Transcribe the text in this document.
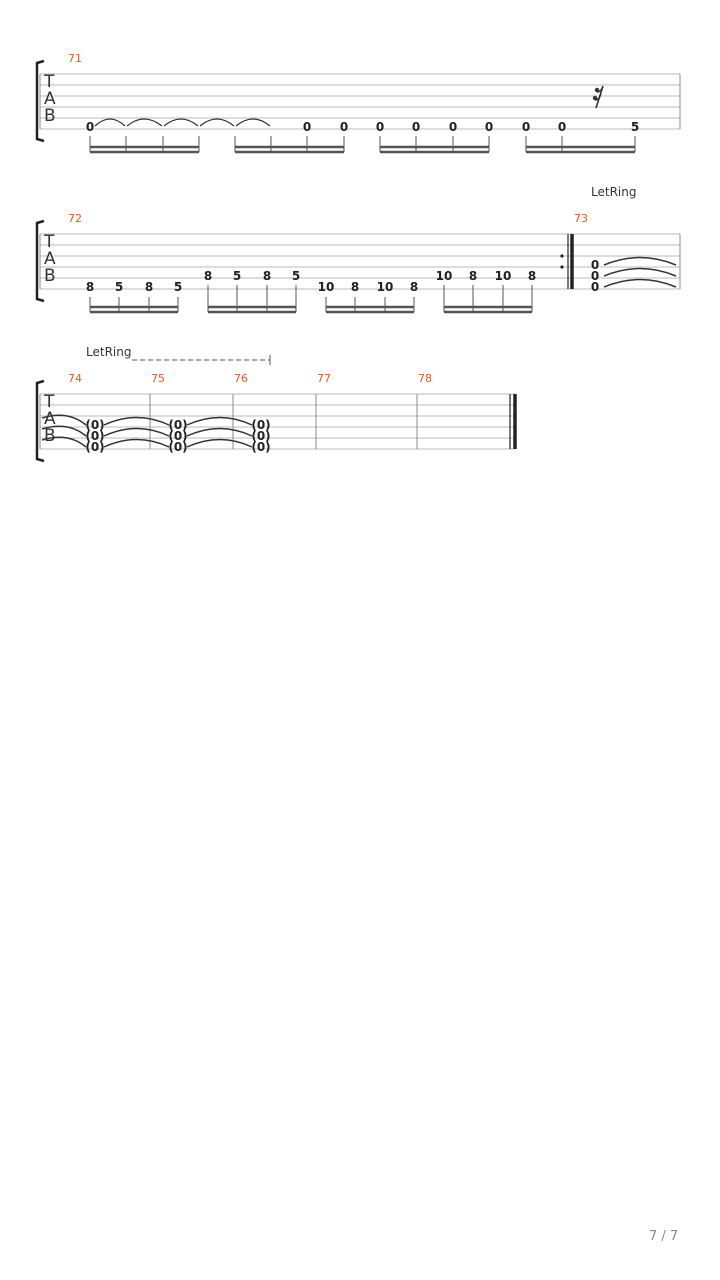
T
A
B
71
0	0 0 0 0 0 0 0 0	5
LetRing
T
A
B
72	73
8 5 8 5
8 5 8 5
10 8 10 8
10 8 10 8
0
0
0
LetRing
T
A
B
74	75	76	77	78
(0)
(0)
(0)
(0)
(0)
(0)
(0)
(0)
(0)
7 / 7
